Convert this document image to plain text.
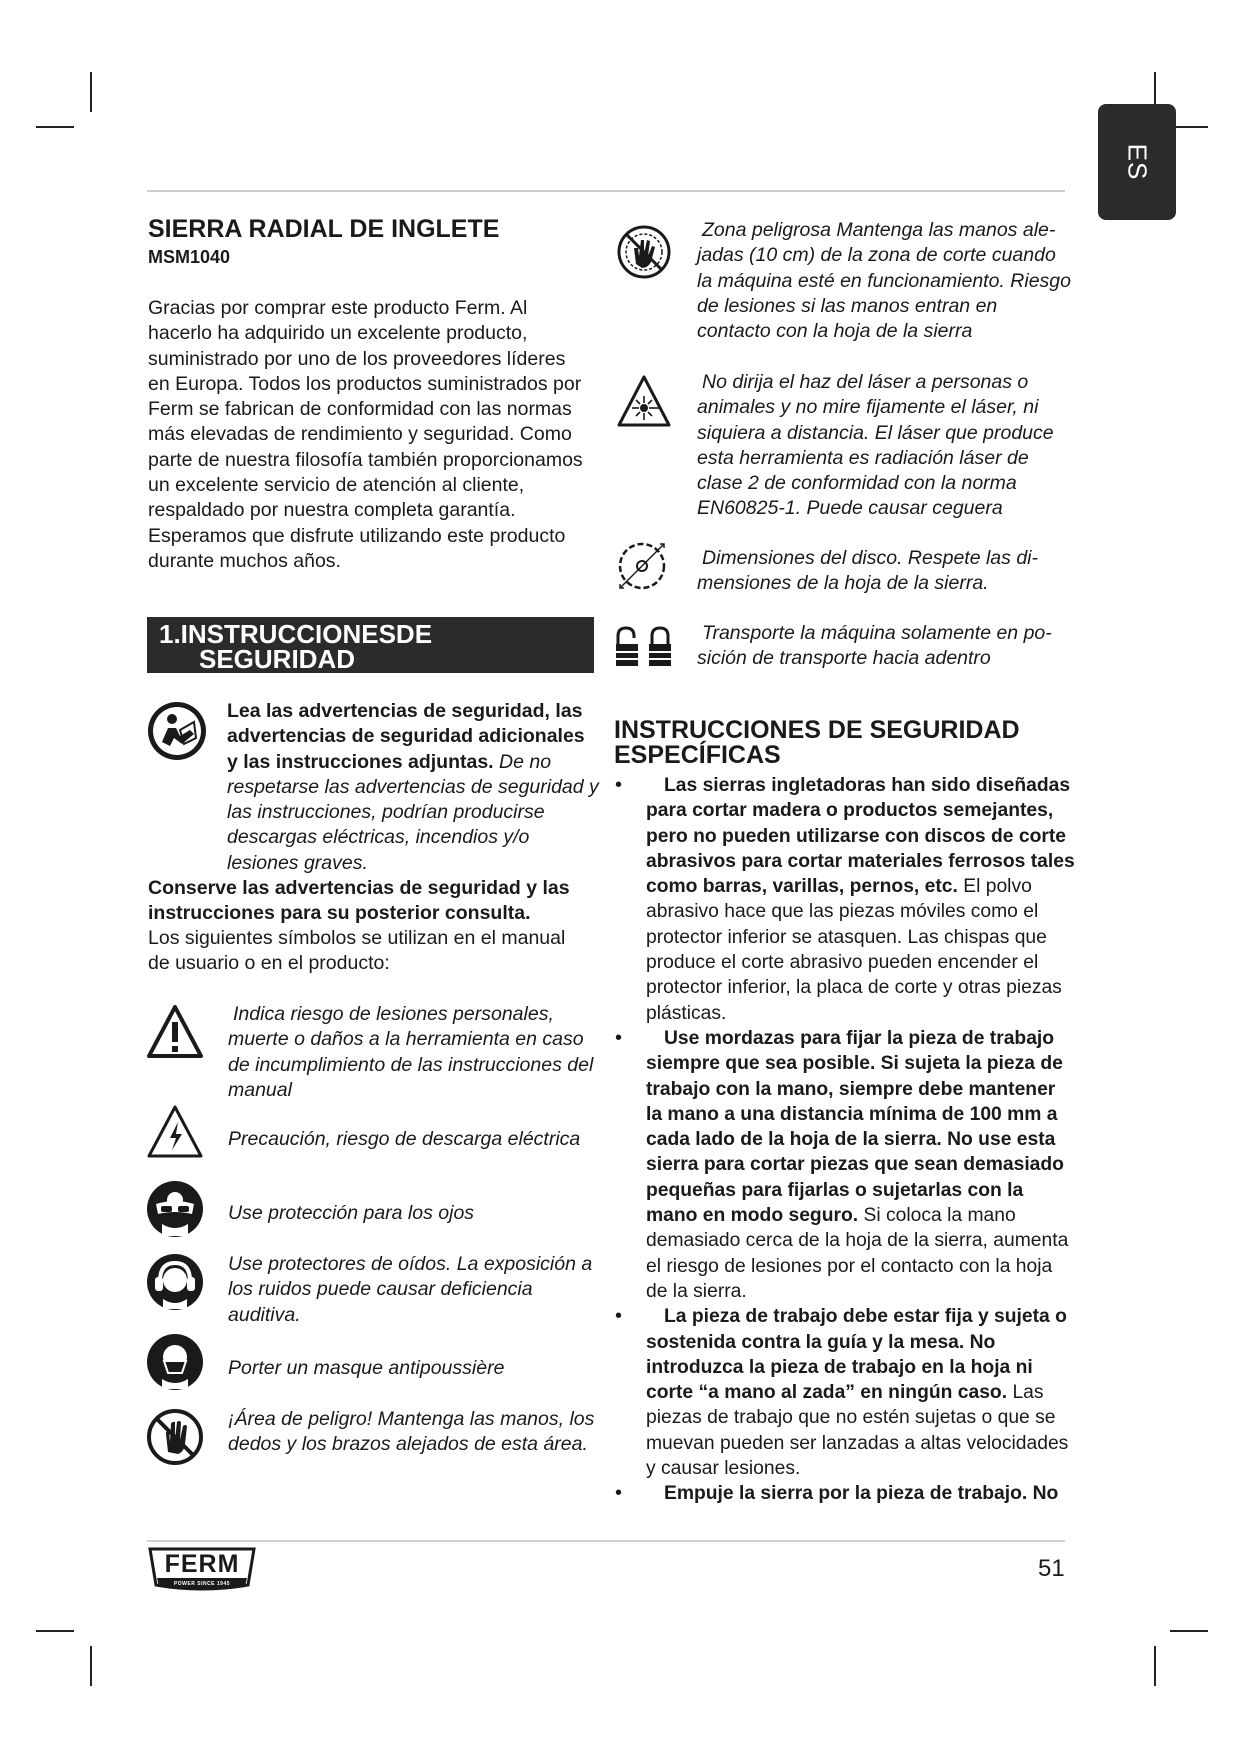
ES
SIERRA RADIAL DE INGLETE
MSM1040

Gracias por comprar este producto Ferm. Al hacerlo ha adquirido un excelente producto, suministrado por uno de los proveedores líderes en Europa. Todos los productos suministrados por Ferm se fabrican de conformidad con las normas más elevadas de rendimiento y seguridad. Como parte de nuestra filosofía también proporcionamos un excelente servicio de atención al cliente, respaldado por nuestra completa garantía. Esperamos que disfrute utilizando este producto durante muchos años.

1.INSTRUCCIONESDE
SEGURIDAD

Lea las advertencias de seguridad, las advertencias de seguridad adicionales y las instrucciones adjuntas. De no respetarse las advertencias de seguridad y las instrucciones, podrían producirse descargas eléctricas, incendios y/o lesiones graves.

Conserve las advertencias de seguridad y las instrucciones para su posterior consulta.

Los siguientes símbolos se utilizan en el manual de usuario o en el producto:
Indica riesgo de lesiones personales, muerte o daños a la herramienta en caso de incumplimiento de las instrucciones del manual
Precaución, riesgo de descarga eléctrica
Use protección para los ojos
Use protectores de oídos. La exposición a los ruidos puede causar deficiencia auditiva.
Porter un masque antipoussière
¡Área de peligro! Mantenga las manos, los dedos y los brazos alejados de esta área.
Zona peligrosa Mantenga las manos ale-jadas (10 cm) de la zona de corte cuando la máquina esté en funcionamiento. Riesgo de lesiones si las manos entran en contacto con la hoja de la sierra
No dirija el haz del láser a personas o animales y no mire fijamente el láser, ni siquiera a distancia. El láser que produce esta herramienta es radiación láser de clase 2 de conformidad con la norma EN60825-1. Puede causar ceguera
Dimensiones del disco. Respete las di-mensiones de la hoja de la sierra.
Transporte la máquina solamente en po-sición de transporte hacia adentro
INSTRUCCIONES DE SEGURIDAD
ESPECÍFICAS
• Las sierras ingletadoras han sido diseñadas para cortar madera o productos semejantes, pero no pueden utilizarse con discos de corte abrasivos para cortar materiales ferrosos tales como barras, varillas, pernos, etc. El polvo abrasivo hace que las piezas móviles como el protector inferior se atasquen. Las chispas que produce el corte abrasivo pueden encender el protector inferior, la placa de corte y otras piezas plásticas.
• Use mordazas para fijar la pieza de trabajo siempre que sea posible. Si sujeta la pieza de trabajo con la mano, siempre debe mantener la mano a una distancia mínima de 100 mm a cada lado de la hoja de la sierra. No use esta sierra para cortar piezas que sean demasiado pequeñas para fijarlas o sujetarlas con la mano en modo seguro. Si coloca la mano demasiado cerca de la hoja de la sierra, aumenta el riesgo de lesiones por el contacto con la hoja de la sierra.
• La pieza de trabajo debe estar fija y sujeta o sostenida contra la guía y la mesa. No introduzca la pieza de trabajo en la hoja ni corte “a mano al zada” en ningún caso. Las piezas de trabajo que no estén sujetas o que se muevan pueden ser lanzadas a altas velocidades y causar lesiones.
• Empuje la sierra por la pieza de trabajo. No
FERM
POWER SINCE 1945
51
